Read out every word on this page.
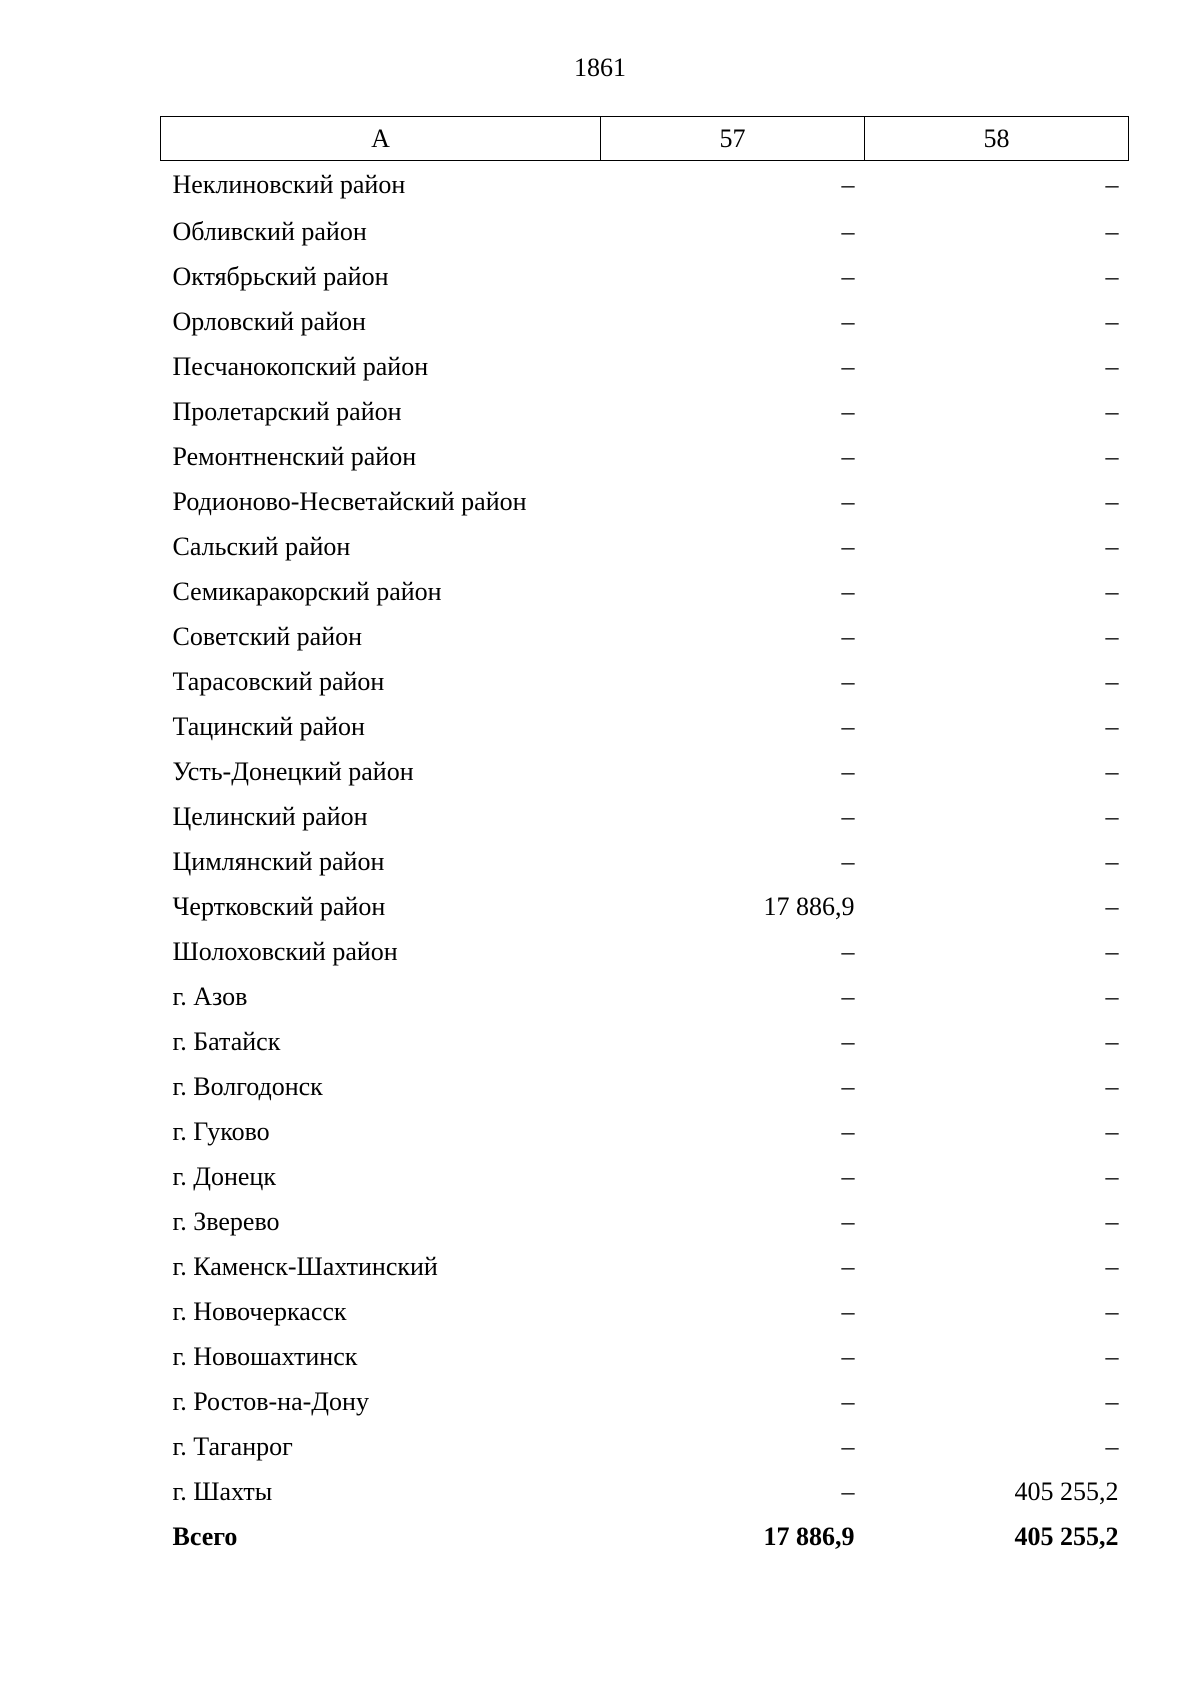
1861
А	57	58
Неклиновский район	–	–
Обливский район	–	–
Октябрьский район	–	–
Орловский район	–	–
Песчанокопский район	–	–
Пролетарский район	–	–
Ремонтненский район	–	–
Родионово-Несветайский район	–	–
Сальский район	–	–
Семикаракорский район	–	–
Советский район	–	–
Тарасовский район	–	–
Тацинский район	–	–
Усть-Донецкий район	–	–
Целинский район	–	–
Цимлянский район	–	–
Чертковский район	17 886,9	–
Шолоховский район	–	–
г. Азов	–	–
г. Батайск	–	–
г. Волгодонск	–	–
г. Гуково	–	–
г. Донецк	–	–
г. Зверево	–	–
г. Каменск-Шахтинский	–	–
г. Новочеркасск	–	–
г. Новошахтинск	–	–
г. Ростов-на-Дону	–	–
г. Таганрог	–	–
г. Шахты	–	405 255,2
Всего	17 886,9	405 255,2
